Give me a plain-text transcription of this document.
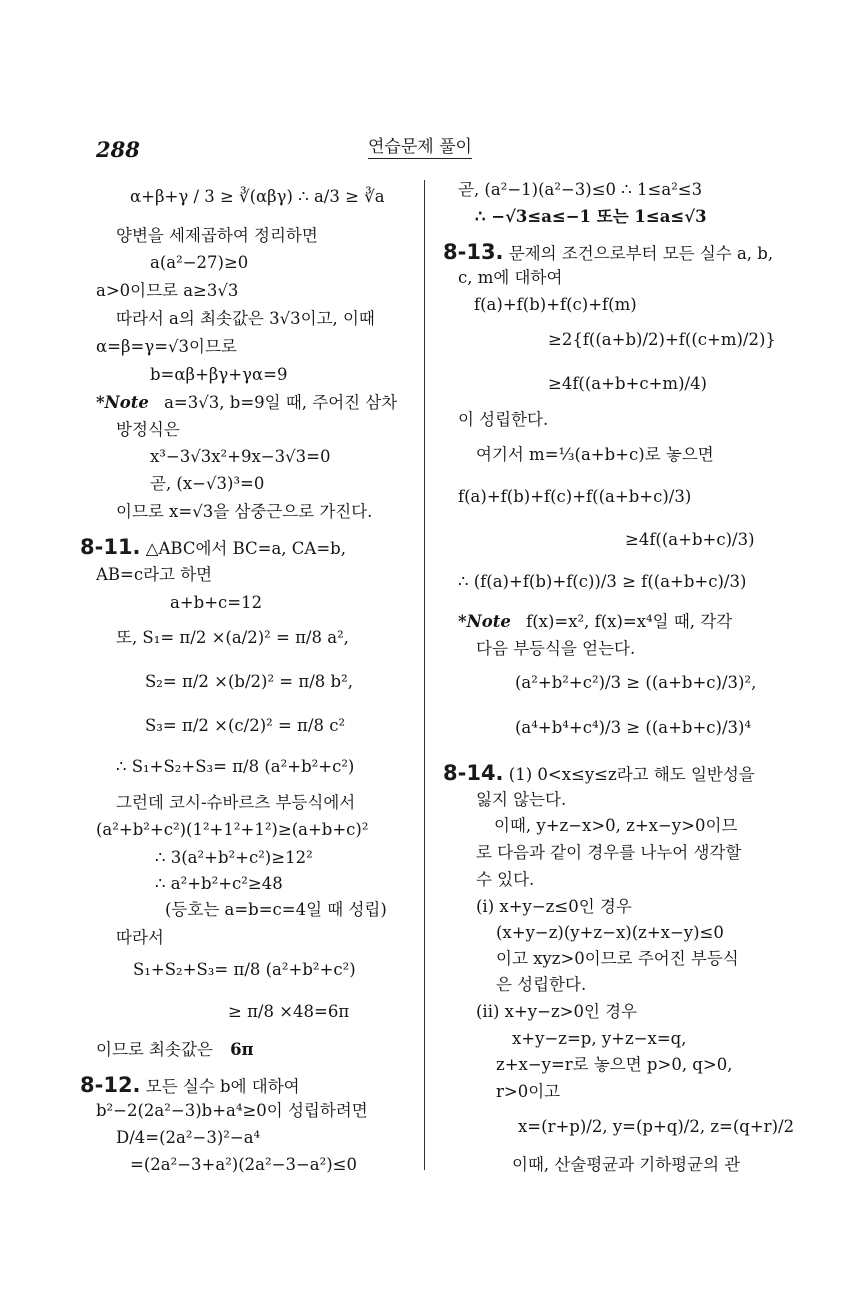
288	연습문제 풀이
α+β+γ / 3 ≥ ∛(αβγ) ∴ a/3 ≥ ∛a
양변을 세제곱하여 정리하면
a(a²−27)≥0
a>0이므로 a≥3√3
따라서 a의 최솟값은 3√3이고, 이때
α=β=γ=√3이므로
b=αβ+βγ+γα=9
*Note a=3√3, b=9일 때, 주어진 삼차
방정식은
x³−3√3x²+9x−3√3=0
곧, (x−√3)³=0
이므로 x=√3을 삼중근으로 가진다.
8-11. △ABC에서 BC=a, CA=b,
AB=c라고 하면
a+b+c=12
또, S₁= π/2 ×(a/2)² = π/8 a²,
S₂= π/2 ×(b/2)² = π/8 b²,
S₃= π/2 ×(c/2)² = π/8 c²
∴ S₁+S₂+S₃= π/8 (a²+b²+c²)
그런데 코시-슈바르츠 부등식에서
(a²+b²+c²)(1²+1²+1²)≥(a+b+c)²
∴ 3(a²+b²+c²)≥12²
∴ a²+b²+c²≥48
(등호는 a=b=c=4일 때 성립)
따라서
S₁+S₂+S₃= π/8 (a²+b²+c²)
≥ π/8 ×48=6π
이므로 최솟값은 6π
8-12. 모든 실수 b에 대하여
b²−2(2a²−3)b+a⁴≥0이 성립하려면
D/4=(2a²−3)²−a⁴
=(2a²−3+a²)(2a²−3−a²)≤0
곧, (a²−1)(a²−3)≤0 ∴ 1≤a²≤3
∴ −√3≤a≤−1 또는 1≤a≤√3
8-13. 문제의 조건으로부터 모든 실수 a, b,
c, m에 대하여
f(a)+f(b)+f(c)+f(m)
≥2{f((a+b)/2)+f((c+m)/2)}
≥4f((a+b+c+m)/4)
이 성립한다.
여기서 m=⅓(a+b+c)로 놓으면
f(a)+f(b)+f(c)+f((a+b+c)/3)
≥4f((a+b+c)/3)
∴ (f(a)+f(b)+f(c))/3 ≥ f((a+b+c)/3)
*Note f(x)=x², f(x)=x⁴일 때, 각각
다음 부등식을 얻는다.
(a²+b²+c²)/3 ≥ ((a+b+c)/3)²,
(a⁴+b⁴+c⁴)/3 ≥ ((a+b+c)/3)⁴
8-14. (1) 0<x≤y≤z라고 해도 일반성을
잃지 않는다.
이때, y+z−x>0, z+x−y>0이므
로 다음과 같이 경우를 나누어 생각할
수 있다.
(i) x+y−z≤0인 경우
(x+y−z)(y+z−x)(z+x−y)≤0
이고 xyz>0이므로 주어진 부등식
은 성립한다.
(ii) x+y−z>0인 경우
x+y−z=p, y+z−x=q,
z+x−y=r로 놓으면 p>0, q>0,
r>0이고
x=(r+p)/2, y=(p+q)/2, z=(q+r)/2
이때, 산술평균과 기하평균의 관
